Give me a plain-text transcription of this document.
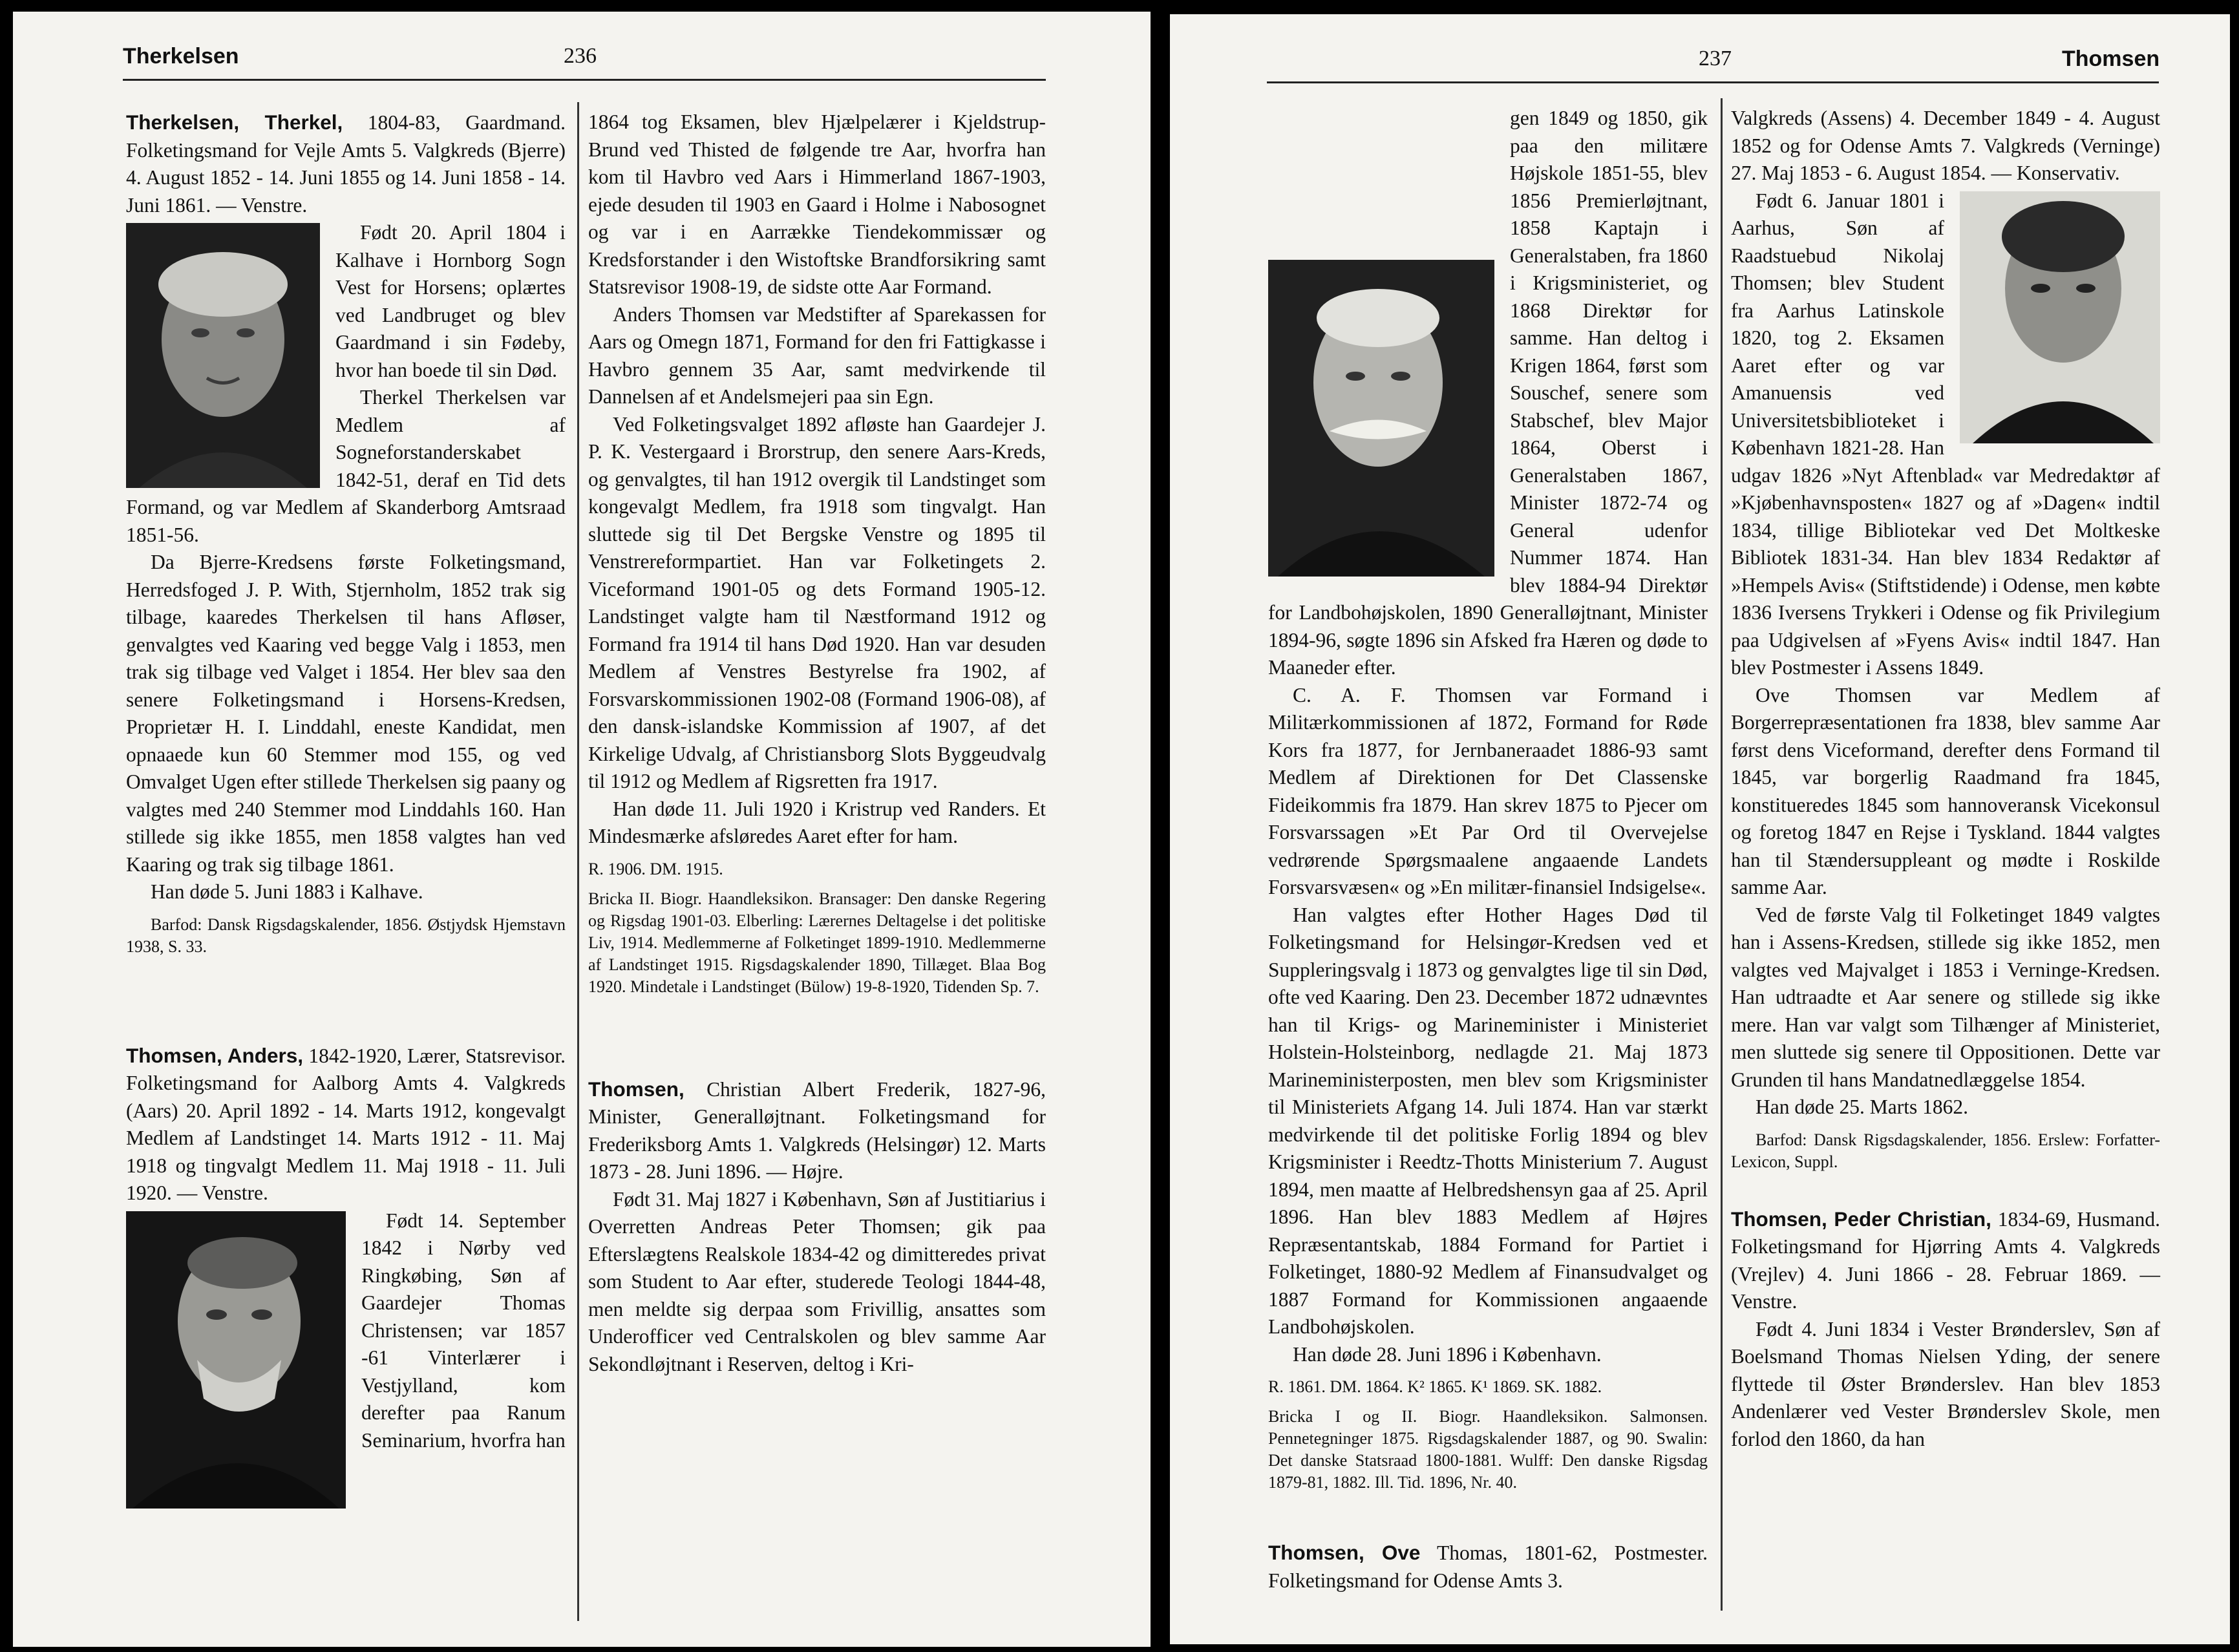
Therkelsen	236

Therkelsen, Therkel, 1804-83, Gaardmand. Folketingsmand for Vejle Amts 5. Valgkreds (Bjerre) 4. August 1852 - 14. Juni 1855 og 14. Juni 1858 - 14. Juni 1861. — Venstre.

Født 20. April 1804 i Kalhave i Hornborg Sogn Vest for Horsens; oplærtes ved Landbruget og blev Gaardmand i sin Fødeby, hvor han boede til sin Død.

Therkel Therkelsen var Medlem af Sogneforstanderskabet 1842-51, deraf en Tid dets Formand, og var Medlem af Skanderborg Amtsraad 1851-56.

Da Bjerre-Kredsens første Folketingsmand, Herredsfoged J. P. With, Stjernholm, 1852 trak sig tilbage, kaaredes Therkelsen til hans Afløser, genvalgtes ved Kaaring ved begge Valg i 1853, men trak sig tilbage ved Valget i 1854. Her blev saa den senere Folketingsmand i Horsens-Kredsen, Proprietær H. I. Linddahl, eneste Kandidat, men opnaaede kun 60 Stemmer mod 155, og ved Omvalget Ugen efter stillede Therkelsen sig paany og valgtes med 240 Stemmer mod Linddahls 160. Han stillede sig ikke 1855, men 1858 valgtes han ved Kaaring og trak sig tilbage 1861.

Han døde 5. Juni 1883 i Kalhave.

Barfod: Dansk Rigsdagskalender, 1856. Østjydsk Hjemstavn 1938, S. 33.

Thomsen, Anders, 1842-1920, Lærer, Statsrevisor. Folketingsmand for Aalborg Amts 4. Valgkreds (Aars) 20. April 1892 - 14. Marts 1912, kongevalgt Medlem af Landstinget 14. Marts 1912 - 11. Maj 1918 og tingvalgt Medlem 11. Maj 1918 - 11. Juli 1920. — Venstre.

Født 14. September 1842 i Nørby ved Ringkøbing, Søn af Gaardejer Thomas Christensen; var 1857 -61 Vinterlærer i Vestjylland, kom derefter paa Ranum Seminarium, hvorfra han

1864 tog Eksamen, blev Hjælpelærer i Kjeldstrup-Brund ved Thisted de følgende tre Aar, hvorfra han kom til Havbro ved Aars i Himmerland 1867-1903, ejede desuden til 1903 en Gaard i Holme i Nabosognet og var i en Aarrække Tiendekommissær og Kredsforstander i den Wistoftske Brandforsikring samt Statsrevisor 1908-19, de sidste otte Aar Formand.

Anders Thomsen var Medstifter af Sparekassen for Aars og Omegn 1871, Formand for den fri Fattigkasse i Havbro gennem 35 Aar, samt medvirkende til Dannelsen af et Andelsmejeri paa sin Egn.

Ved Folketingsvalget 1892 afløste han Gaardejer J. P. K. Vestergaard i Brorstrup, den senere Aars-Kreds, og genvalgtes, til han 1912 overgik til Landstinget som kongevalgt Medlem, fra 1918 som tingvalgt. Han sluttede sig til Det Bergske Venstre og 1895 til Venstrereformpartiet. Han var Folketingets 2. Viceformand 1901-05 og dets Formand 1905-12. Landstinget valgte ham til Næstformand 1912 og Formand fra 1914 til hans Død 1920. Han var desuden Medlem af Venstres Bestyrelse fra 1902, af Forsvarskommissionen 1902-08 (Formand 1906-08), af den dansk-islandske Kommission af 1907, af det Kirkelige Udvalg, af Christiansborg Slots Byggeudvalg til 1912 og Medlem af Rigsretten fra 1917.

Han døde 11. Juli 1920 i Kristrup ved Randers. Et Mindesmærke afsløredes Aaret efter for ham.

R. 1906. DM. 1915.

Bricka II. Biogr. Haandleksikon. Bransager: Den danske Regering og Rigsdag 1901-03. Elberling: Lærernes Deltagelse i det politiske Liv, 1914. Medlemmerne af Folketinget 1899-1910. Medlemmerne af Landstinget 1915. Rigsdagskalender 1890, Tillæget. Blaa Bog 1920. Mindetale i Landstinget (Bülow) 19-8-1920, Tidenden Sp. 7.

Thomsen, Christian Albert Frederik, 1827-96, Minister, Generalløjtnant. Folketingsmand for Frederiksborg Amts 1. Valgkreds (Helsingør) 12. Marts 1873 - 28. Juni 1896. — Højre.

Født 31. Maj 1827 i København, Søn af Justitiarius i Overretten Andreas Peter Thomsen; gik paa Efterslægtens Realskole 1834-42 og dimitteredes privat som Student to Aar efter, studerede Teologi 1844-48, men meldte sig derpaa som Frivillig, ansattes som Underofficer ved Centralskolen og blev samme Aar Sekondløjtnant i Reserven, deltog i Kri-

237	Thomsen

gen 1849 og 1850, gik paa den militære Højskole 1851-55, blev 1856 Premierløjtnant, 1858 Kaptajn i Generalstaben, fra 1860 i Krigsministeriet, og 1868 Direktør for samme. Han deltog i Krigen 1864, først som Souschef, senere som Stabschef, blev Major 1864, Oberst i Generalstaben 1867, Minister 1872-74 og General udenfor Nummer 1874. Han blev 1884-94 Direktør for Landbohøjskolen, 1890 Generalløjtnant, Minister 1894-96, søgte 1896 sin Afsked fra Hæren og døde to Maaneder efter.

C. A. F. Thomsen var Formand i Militærkommissionen af 1872, Formand for Røde Kors fra 1877, for Jernbaneraadet 1886-93 samt Medlem af Direktionen for Det Classenske Fideikommis fra 1879. Han skrev 1875 to Pjecer om Forsvarssagen »Et Par Ord til Overvejelse vedrørende Spørgsmaalene angaaende Landets Forsvarsvæsen« og »En militær-finansiel Indsigelse«.

Han valgtes efter Hother Hages Død til Folketingsmand for Helsingør-Kredsen ved et Suppleringsvalg i 1873 og genvalgtes lige til sin Død, ofte ved Kaaring. Den 23. December 1872 udnævntes han til Krigs- og Marineminister i Ministeriet Holstein-Holsteinborg, nedlagde 21. Maj 1873 Marineministerposten, men blev som Krigsminister til Ministeriets Afgang 14. Juli 1874. Han var stærkt medvirkende til det politiske Forlig 1894 og blev Krigsminister i Reedtz-Thotts Ministerium 7. August 1894, men maatte af Helbredshensyn gaa af 25. April 1896. Han blev 1883 Medlem af Højres Repræsentantskab, 1884 Formand for Partiet i Folketinget, 1880-92 Medlem af Finansudvalget og 1887 Formand for Kommissionen angaaende Landbohøjskolen.

Han døde 28. Juni 1896 i København.

R. 1861. DM. 1864. K² 1865. K¹ 1869. SK. 1882.

Bricka I og II. Biogr. Haandleksikon. Salmonsen. Pennetegninger 1875. Rigsdagskalender 1887, og 90. Swalin: Det danske Statsraad 1800-1881. Wulff: Den danske Rigsdag 1879-81, 1882. Ill. Tid. 1896, Nr. 40.

Thomsen, Ove Thomas, 1801-62, Postmester. Folketingsmand for Odense Amts 3.

Valgkreds (Assens) 4. December 1849 - 4. August 1852 og for Odense Amts 7. Valgkreds (Verninge) 27. Maj 1853 - 6. August 1854. — Konservativ.

Født 6. Januar 1801 i Aarhus, Søn af Raadstuebud Nikolaj Thomsen; blev Student fra Aarhus Latinskole 1820, tog 2. Eksamen Aaret efter og var Amanuensis ved Universitetsbiblioteket i København 1821-28. Han udgav 1826 »Nyt Aftenblad« var Medredaktør af »Kjøbenhavnsposten« 1827 og af »Dagen« indtil 1834, tillige Bibliotekar ved Det Moltkeske Bibliotek 1831-34. Han blev 1834 Redaktør af »Hempels Avis« (Stiftstidende) i Odense, men købte 1836 Iversens Trykkeri i Odense og fik Privilegium paa Udgivelsen af »Fyens Avis« indtil 1847. Han blev Postmester i Assens 1849.

Ove Thomsen var Medlem af Borgerrepræsentationen fra 1838, blev samme Aar først dens Viceformand, derefter dens Formand til 1845, var borgerlig Raadmand fra 1845, konstitueredes 1845 som hannoveransk Vicekonsul og foretog 1847 en Rejse i Tyskland. 1844 valgtes han til Stændersuppleant og mødte i Roskilde samme Aar.

Ved de første Valg til Folketinget 1849 valgtes han i Assens-Kredsen, stillede sig ikke 1852, men valgtes ved Majvalget i 1853 i Verninge-Kredsen. Han udtraadte et Aar senere og stillede sig ikke mere. Han var valgt som Tilhænger af Ministeriet, men sluttede sig senere til Oppositionen. Dette var Grunden til hans Mandatnedlæggelse 1854.

Han døde 25. Marts 1862.

Barfod: Dansk Rigsdagskalender, 1856. Erslew: Forfatter-Lexicon, Suppl.

Thomsen, Peder Christian, 1834-69, Husmand. Folketingsmand for Hjørring Amts 4. Valgkreds (Vrejlev) 4. Juni 1866 - 28. Februar 1869. — Venstre.

Født 4. Juni 1834 i Vester Brønderslev, Søn af Boelsmand Thomas Nielsen Yding, der senere flyttede til Øster Brønderslev. Han blev 1853 Andenlærer ved Vester Brønderslev Skole, men forlod den 1860, da han
